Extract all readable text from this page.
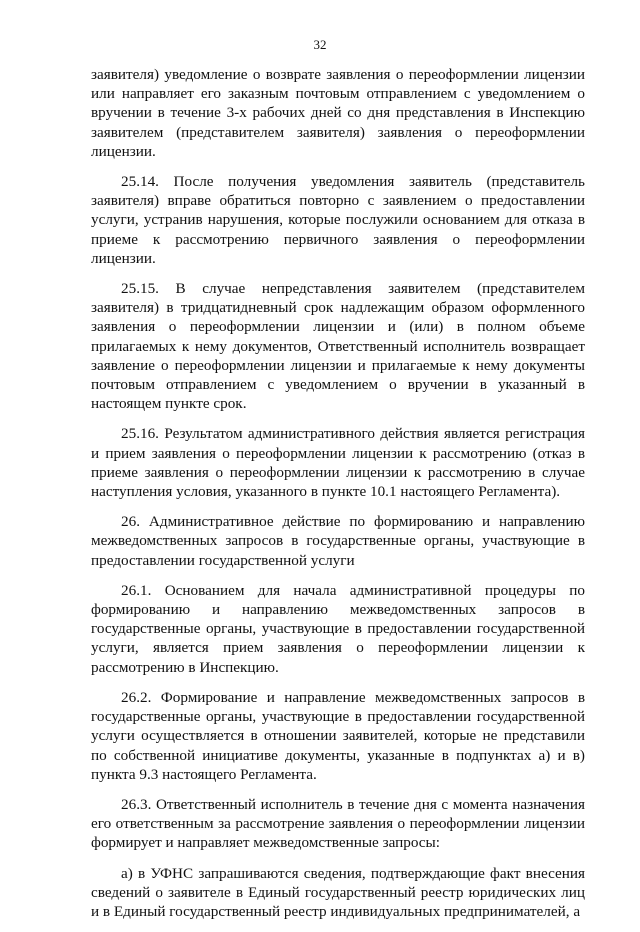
32

заявителя) уведомление о возврате заявления о переоформлении лицензии или направляет его заказным почтовым отправлением с уведомлением о вручении в течение 3-х рабочих дней со дня представления в Инспекцию заявителем (представителем заявителя) заявления о переоформлении лицензии.

25.14. После получения уведомления заявитель (представитель заявителя) вправе обратиться повторно с заявлением о предоставлении услуги, устранив нарушения, которые послужили основанием для отказа в приеме к рассмотрению первичного заявления о переоформлении лицензии.

25.15. В случае непредставления заявителем (представителем заявителя) в тридцатидневный срок надлежащим образом оформленного заявления о переоформлении лицензии и (или) в полном объеме прилагаемых к нему документов, Ответственный исполнитель возвращает заявление о переоформлении лицензии и прилагаемые к нему документы почтовым отправлением с уведомлением о вручении в указанный в настоящем пункте срок.

25.16. Результатом административного действия является регистрация и прием заявления о переоформлении лицензии к рассмотрению (отказ в приеме заявления о переоформлении лицензии к рассмотрению в случае наступления условия, указанного в пункте 10.1 настоящего Регламента).

26. Административное действие по формированию и направлению межведомственных запросов в государственные органы, участвующие в предоставлении государственной услуги

26.1. Основанием для начала административной процедуры по формированию и направлению межведомственных запросов в государственные органы, участвующие в предоставлении государственной услуги, является прием заявления о переоформлении лицензии к рассмотрению в Инспекцию.

26.2. Формирование и направление межведомственных запросов в государственные органы, участвующие в предоставлении государственной услуги осуществляется в отношении заявителей, которые не представили по собственной инициативе документы, указанные в подпунктах а) и в) пункта 9.3 настоящего Регламента.

26.3. Ответственный исполнитель в течение дня с момента назначения его ответственным за рассмотрение заявления о переоформлении лицензии формирует и направляет межведомственные запросы:

а) в УФНС запрашиваются сведения, подтверждающие факт внесения сведений о заявителе в Единый государственный реестр юридических лиц и в Единый государственный реестр индивидуальных предпринимателей, а
